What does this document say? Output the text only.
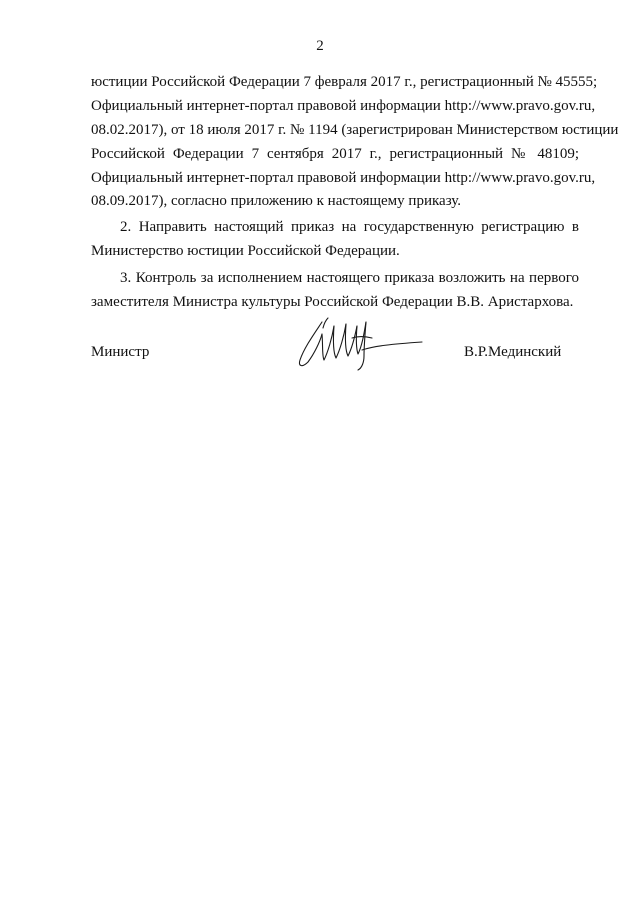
2
юстиции Российской Федерации 7 февраля 2017 г., регистрационный № 45555;
Официальный интернет-портал правовой информации http://www.pravo.gov.ru,
08.02.2017), от 18 июля 2017 г. № 1194 (зарегистрирован Министерством юстиции
Российской Федерации 7 сентября 2017 г., регистрационный № 48109;
Официальный интернет-портал правовой информации http://www.pravo.gov.ru,
08.09.2017), согласно приложению к настоящему приказу.
2. Направить настоящий приказ на государственную регистрацию в
Министерство юстиции Российской Федерации.
3. Контроль за исполнением настоящего приказа возложить на первого
заместителя Министра культуры Российской Федерации В.В. Аристархова.
Министр	В.Р.Мединский
